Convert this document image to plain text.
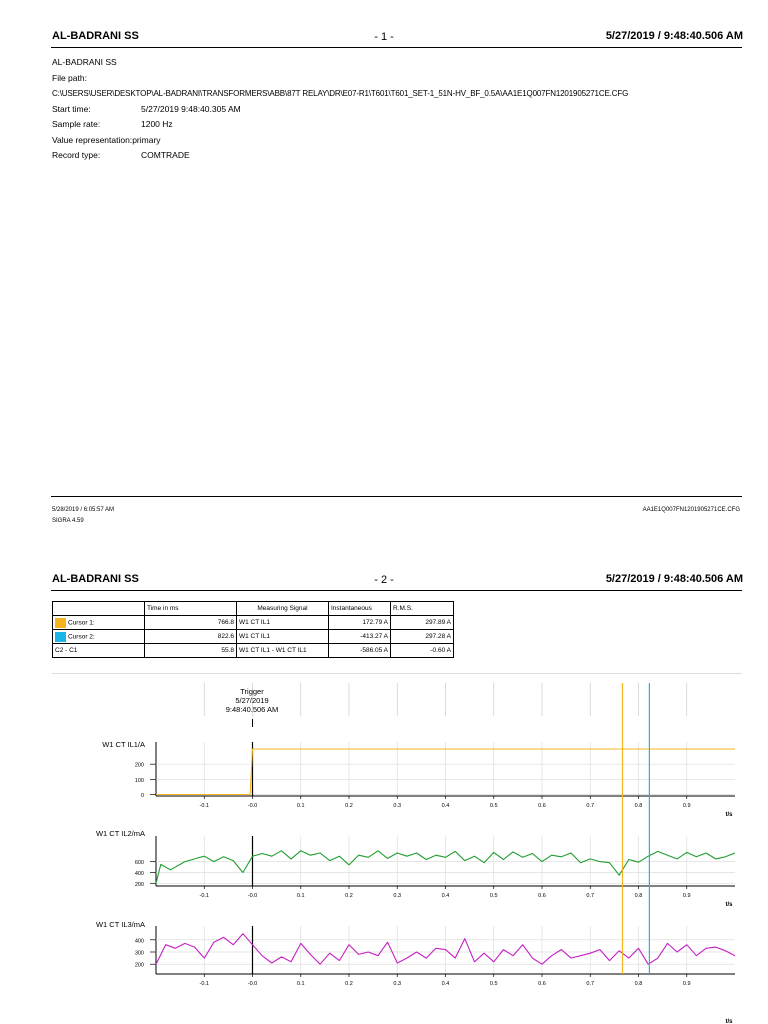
AL-BADRANI SS	- 1 -	5/27/2019 / 9:48:40.506 AM
AL-BADRANI SS
File path:
C:\USERS\USER\DESKTOP\AL-BADRANI\TRANSFORMERS\ABB\87T RELAY\DR\E07-R1\T601\T601_SET-1_51N-HV_BF_0.5A\AA1E1Q007FN1201905271CE.CFG
Start time:	5/27/2019 9:48:40.305 AM
Sample rate:	1200 Hz
Value representation:primary
Record type:	COMTRADE
5/28/2019 / 6:05:57 AM
SIGRA 4.59
AA1E1Q007FN1201905271CE.CFG
AL-BADRANI SS	- 2 -	5/27/2019 / 9:48:40.506 AM
	Time in ms	Measuring Signal	Instantaneous	R.M.S.
Cursor 1:	766.8	W1 CT IL1	172.79 A	297.89 A
Cursor 2:	822.6	W1 CT IL1	-413.27 A	297.28 A
C2 - C1	55.8	W1 CT IL1 - W1 CT IL1	-586.05 A	-0.60 A
Trigger
5/27/2019
9:48:40.506 AM
W1 CT IL1/A
0
100
200
-0.1	-0.0	0.1	0.2	0.3	0.4	0.5	0.6	0.7	0.8	0.9
t/s
W1 CT IL2/mA
200
400
600
-0.1	-0.0	0.1	0.2	0.3	0.4	0.5	0.6	0.7	0.8	0.9
t/s
W1 CT IL3/mA
200
300
400
-0.1	-0.0	0.1	0.2	0.3	0.4	0.5	0.6	0.7	0.8	0.9
t/s
